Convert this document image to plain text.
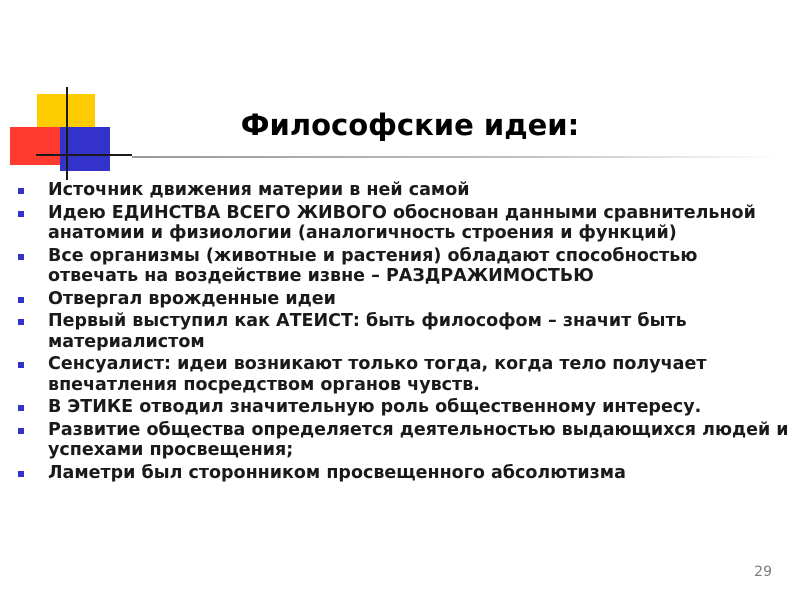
Философские идеи:
Источник движения материи в ней самой
Идею ЕДИНСТВА ВСЕГО ЖИВОГО обоснован данными сравнительной анатомии и физиологии (аналогичность строения и функций)
Все организмы (животные и растения) обладают способностью отвечать на воздействие извне – РАЗДРАЖИМОСТЬЮ
Отвергал врожденные идеи
Первый выступил как АТЕИСТ: быть философом – значит быть материалистом
Сенсуалист: идеи возникают только тогда, когда тело получает впечатления посредством органов чувств.
В ЭТИКЕ отводил значительную роль общественному интересу.
Развитие общества определяется деятельностью выдающихся людей и успехами просвещения;
Ламетри был сторонником просвещенного абсолютизма
29
